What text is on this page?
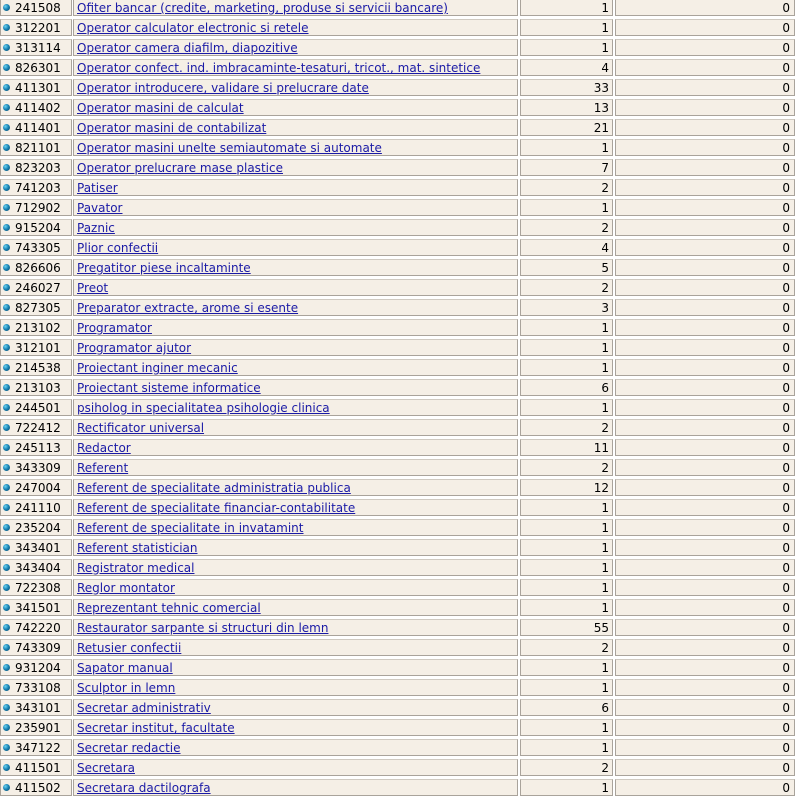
241508	Ofiter bancar (credite, marketing, produse si servicii bancare)	1	0
312201	Operator calculator electronic si retele	1	0
313114	Operator camera diafilm, diapozitive	1	0
826301	Operator confect. ind. imbracaminte-tesaturi, tricot., mat. sintetice	4	0
411301	Operator introducere, validare si prelucrare date	33	0
411402	Operator masini de calculat	13	0
411401	Operator masini de contabilizat	21	0
821101	Operator masini unelte semiautomate si automate	1	0
823203	Operator prelucrare mase plastice	7	0
741203	Patiser	2	0
712902	Pavator	1	0
915204	Paznic	2	0
743305	Plior confectii	4	0
826606	Pregatitor piese incaltaminte	5	0
246027	Preot	2	0
827305	Preparator extracte, arome si esente	3	0
213102	Programator	1	0
312101	Programator ajutor	1	0
214538	Proiectant inginer mecanic	1	0
213103	Proiectant sisteme informatice	6	0
244501	psiholog in specialitatea psihologie clinica	1	0
722412	Rectificator universal	2	0
245113	Redactor	11	0
343309	Referent	2	0
247004	Referent de specialitate administratia publica	12	0
241110	Referent de specialitate financiar-contabilitate	1	0
235204	Referent de specialitate in invatamint	1	0
343401	Referent statistician	1	0
343404	Registrator medical	1	0
722308	Reglor montator	1	0
341501	Reprezentant tehnic comercial	1	0
742220	Restaurator sarpante si structuri din lemn	55	0
743309	Retusier confectii	2	0
931204	Sapator manual	1	0
733108	Sculptor in lemn	1	0
343101	Secretar administrativ	6	0
235901	Secretar institut, facultate	1	0
347122	Secretar redactie	1	0
411501	Secretara	2	0
411502	Secretara dactilografa	1	0
